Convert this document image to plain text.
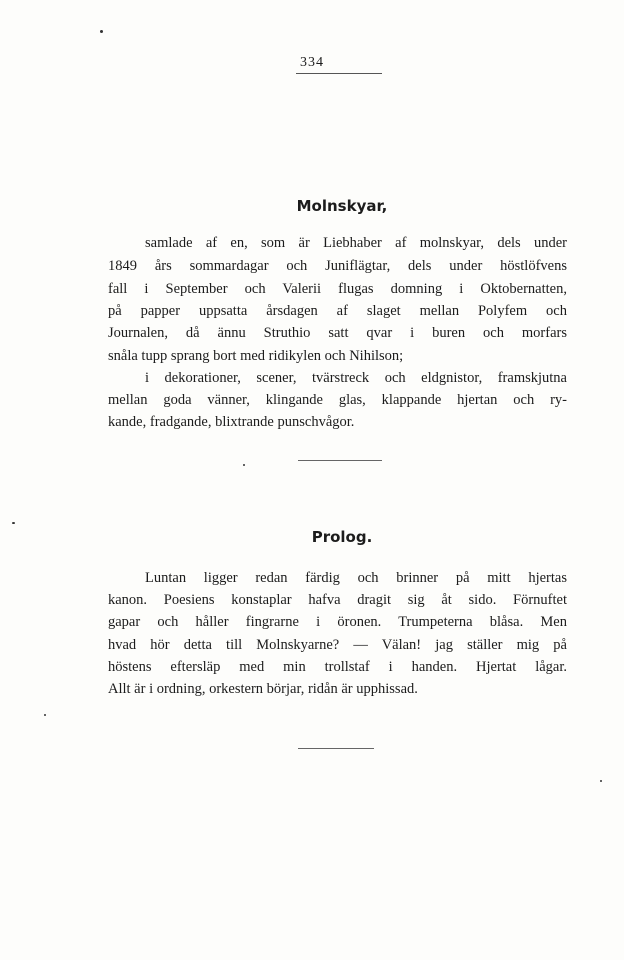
334
Molnskyar,
samlade af en, som är Liebhaber af molnskyar, dels under
1849 års sommardagar och Juniflägtar, dels under höstlöfvens
fall i September och Valerii flugas domning i Oktobernatten,
på papper uppsatta årsdagen af slaget mellan Polyfem och
Journalen, då ännu Struthio satt qvar i buren och morfars
snåla tupp sprang bort med ridikylen och Nihilson;
i dekorationer, scener, tvärstreck och eldgnistor, framskjutna
mellan goda vänner, klingande glas, klappande hjertan och ry-
kande, fradgande, blixtrande punschvågor.
Prolog.
Luntan ligger redan färdig och brinner på mitt hjertas
kanon. Poesiens konstaplar hafva dragit sig åt sido. Förnuftet
gapar och håller fingrarne i öronen. Trumpeterna blåsa. Men
hvad hör detta till Molnskyarne? — Välan! jag ställer mig på
höstens eftersläp med min trollstaf i handen. Hjertat lågar.
Allt är i ordning, orkestern börjar, ridån är upphissad.
